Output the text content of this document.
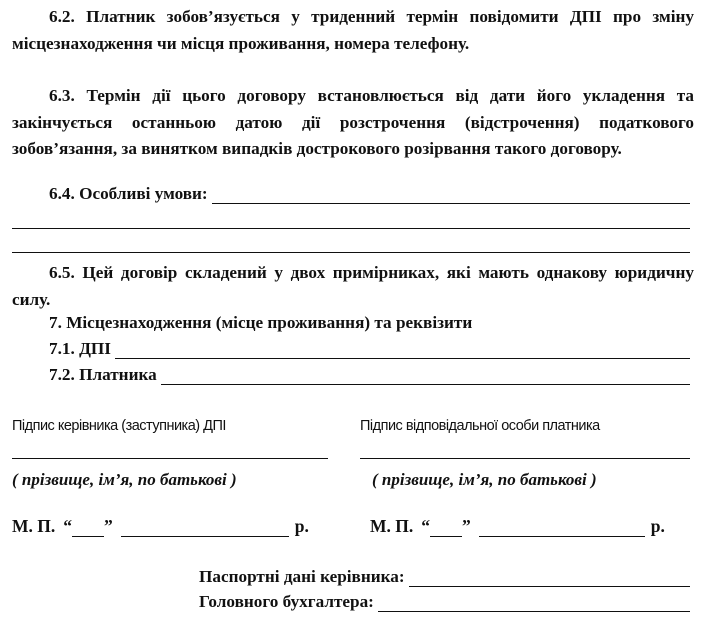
6.2. Платник зобов’язується у триденний термін повідомити ДПІ про зміну місцезнаходження чи місця проживання, номера телефону.

6.3. Термін дії цього договору встановлюється від дати його укладення та закінчується останньою датою дії розстрочення (відстрочення) податкового зобов’язання, за винятком випадків дострокового розірвання такого договору.

6.4. Особливі умови:

6.5. Цей договір складений у двох примірниках, які мають однакову юридичну силу.

7. Місцезнаходження (місце проживання) та реквізити
7.1. ДПІ
7.2. Платника
Підпис керівника (заступника) ДПІ	Підпис відповідальної особи платника
( прізвище, ім’я, по батькові )	( прізвище, ім’я, по батькові )
М. П. “ ”	р.	М. П. “ ”	р.
Паспортні дані керівника:
Головного бухгалтера:
